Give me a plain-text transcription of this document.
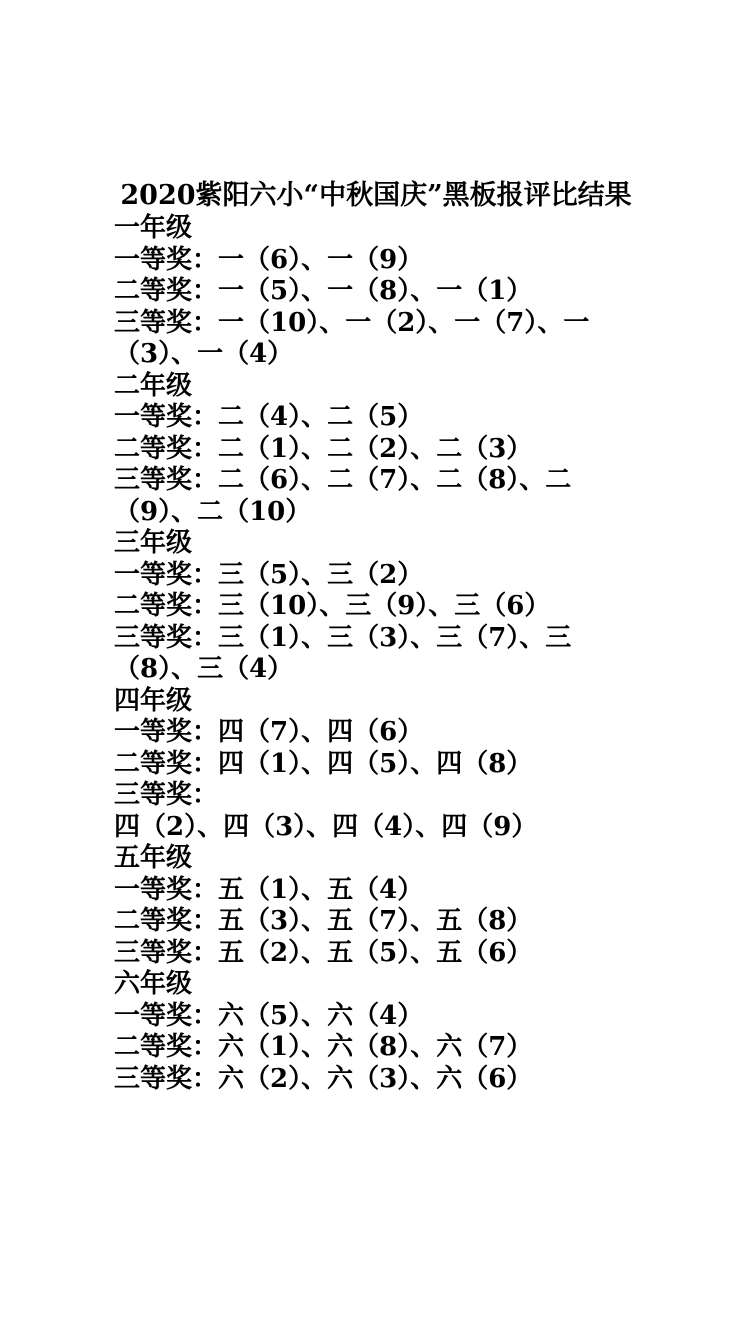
2020紫阳六小“中秋国庆”黑板报评比结果
一年级
一等奖：一（6）、一（9）
二等奖：一（5）、一（8）、一（1）
三等奖：一（10）、一（2）、一（7）、一（3）、一（4）
二年级
一等奖：二（4）、二（5）
二等奖：二（1）、二（2）、二（3）
三等奖：二（6）、二（7）、二（8）、二（9）、二（10）
三年级
一等奖：三（5）、三（2）
二等奖：三（10）、三（9）、三（6）
三等奖：三（1）、三（3）、三（7）、三（8）、三（4）
四年级
一等奖：四（7）、四（6）
二等奖：四（1）、四（5）、四（8）
三等奖：四（2）、四（3）、四（4）、四（9）
五年级
一等奖：五（1）、五（4）
二等奖：五（3）、五（7）、五（8）
三等奖：五（2）、五（5）、五（6）
六年级
一等奖：六（5）、六（4）
二等奖：六（1）、六（8）、六（7）
三等奖：六（2）、六（3）、六（6）
